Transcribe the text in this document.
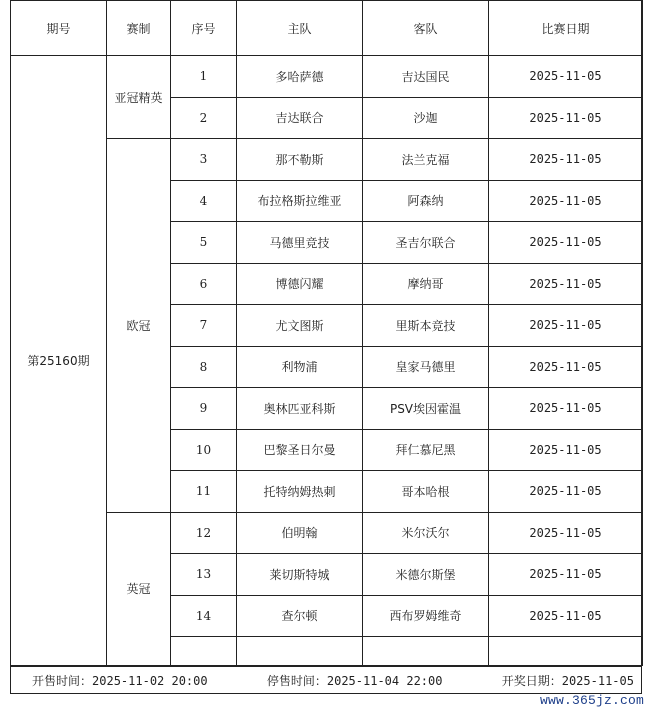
期号	赛制	序号	主队	客队	比赛日期
第25160期	亚冠精英	1	多哈萨德	吉达国民	2025-11-05
		2	吉达联合	沙迦	2025-11-05
	欧冠	3	那不勒斯	法兰克福	2025-11-05
		4	布拉格斯拉维亚	阿森纳	2025-11-05
		5	马德里竞技	圣吉尔联合	2025-11-05
		6	博德闪耀	摩纳哥	2025-11-05
		7	尤文图斯	里斯本竞技	2025-11-05
		8	利物浦	皇家马德里	2025-11-05
		9	奥林匹亚科斯	PSV埃因霍温	2025-11-05
		10	巴黎圣日尔曼	拜仁慕尼黑	2025-11-05
		11	托特纳姆热刺	哥本哈根	2025-11-05
	英冠	12	伯明翰	米尔沃尔	2025-11-05
		13	莱切斯特城	米德尔斯堡	2025-11-05
		14	查尔顿	西布罗姆维奇	2025-11-05

开售时间：2025-11-02 20:00	停售时间：2025-11-04 22:00	开奖日期：2025-11-05
www.365jz.com
